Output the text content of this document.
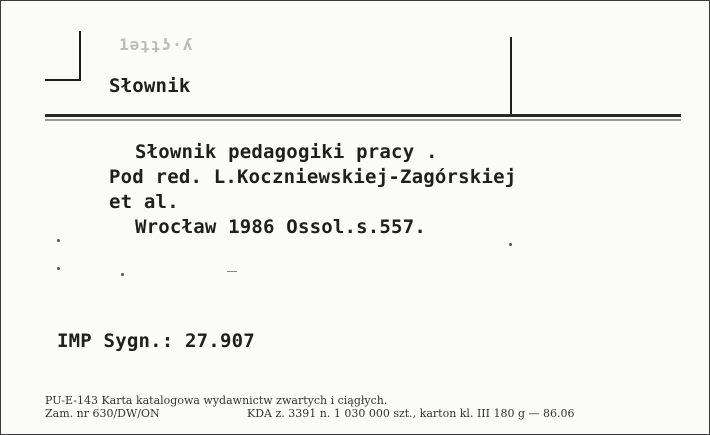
1ǝʇʇʖ·ʎ
Słownik
Słownik pedagogiki pracy .
Pod red. L.Koczniewskiej-Zagórskiej
et al.
Wrocław 1986 Ossol.s.557.
IMP Sygn.: 27.907
PU-E-143 Karta katalogowa wydawnictw zwartych i ciągłych.
Zam. nr 630/DW/ON	KDA z. 3391 n. 1 030 000 szt., karton kl. III 180 g — 86.06
